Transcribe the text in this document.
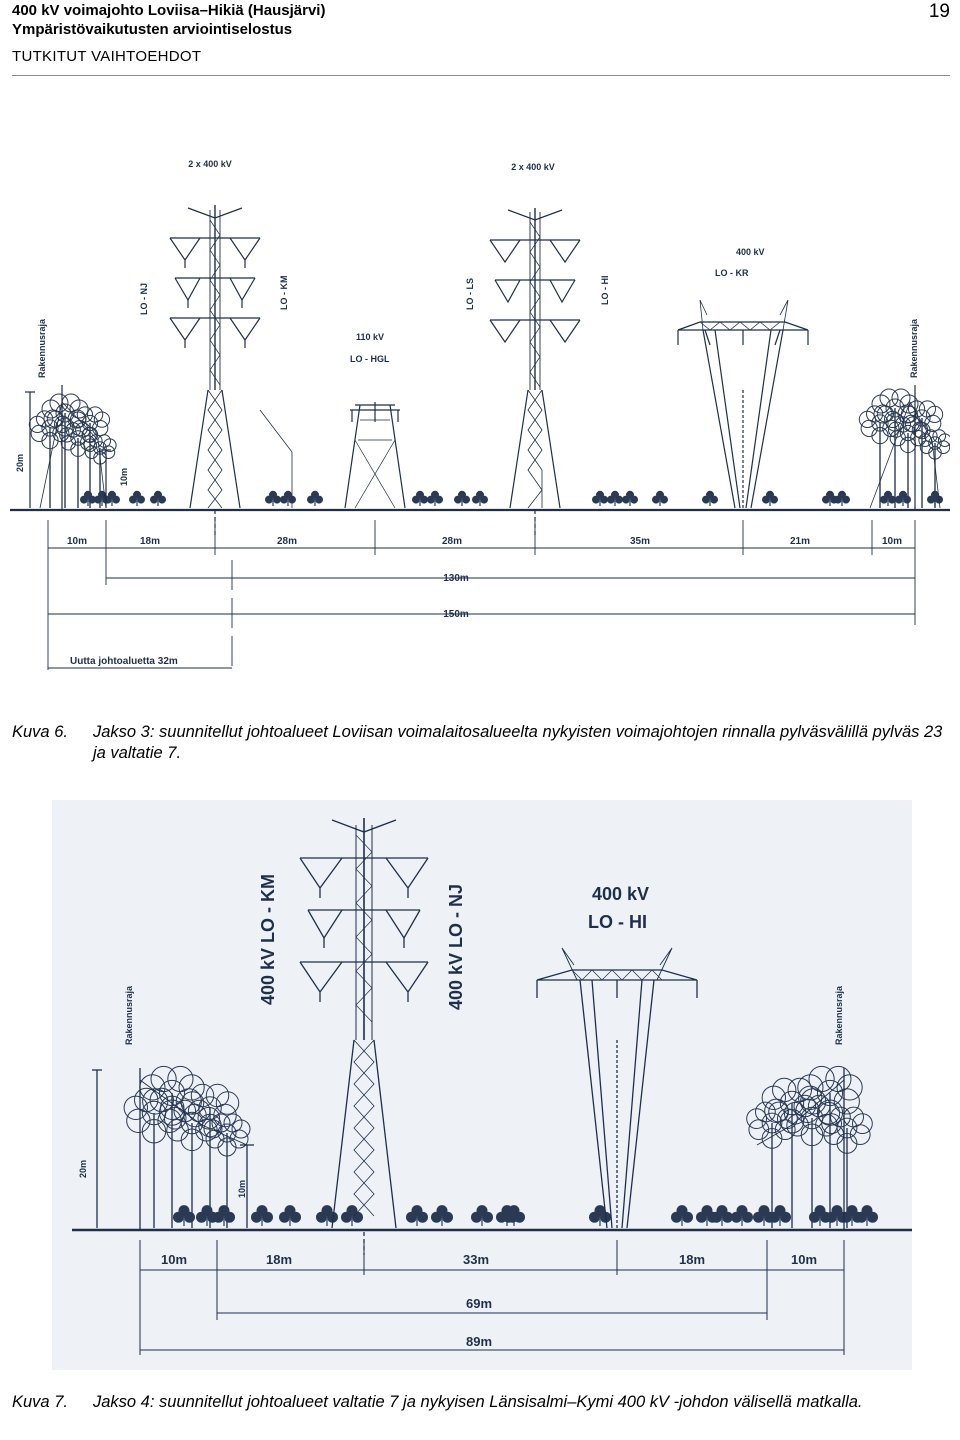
400 kV voimajohto Loviisa–Hikiä (Hausjärvi)
Ympäristövaikutusten arviointiselostus
TUTKITUT VAIHTOEHDOT
19
2 x 400 kV	2 x 400 kV
400 kV
LO - KR
110 kV
LO - HGL
LO - NJ	LO - KM	LO - LS	LO - HI
Rakennusraja	Rakennusraja
20m
10m
10m	18m	28m	28m	35m	21m	10m
130m
150m
Uutta johtoaluetta 32m
Kuva 6. Jakso 3: suunnitellut johtoalueet Loviisan voimalaitosalueelta nykyisten voimajohtojen rinnalla pylväsvälillä pylväs 23 ja valtatie 7.
400 kV
LO - HI
400 kV LO - KM	400 kV LO - NJ
Rakennusraja	Rakennusraja
20m
10m
10m	18m	33m	18m	10m
69m
89m
Kuva 7. Jakso 4: suunnitellut johtoalueet valtatie 7 ja nykyisen Länsisalmi–Kymi 400 kV -johdon välisellä matkalla.
